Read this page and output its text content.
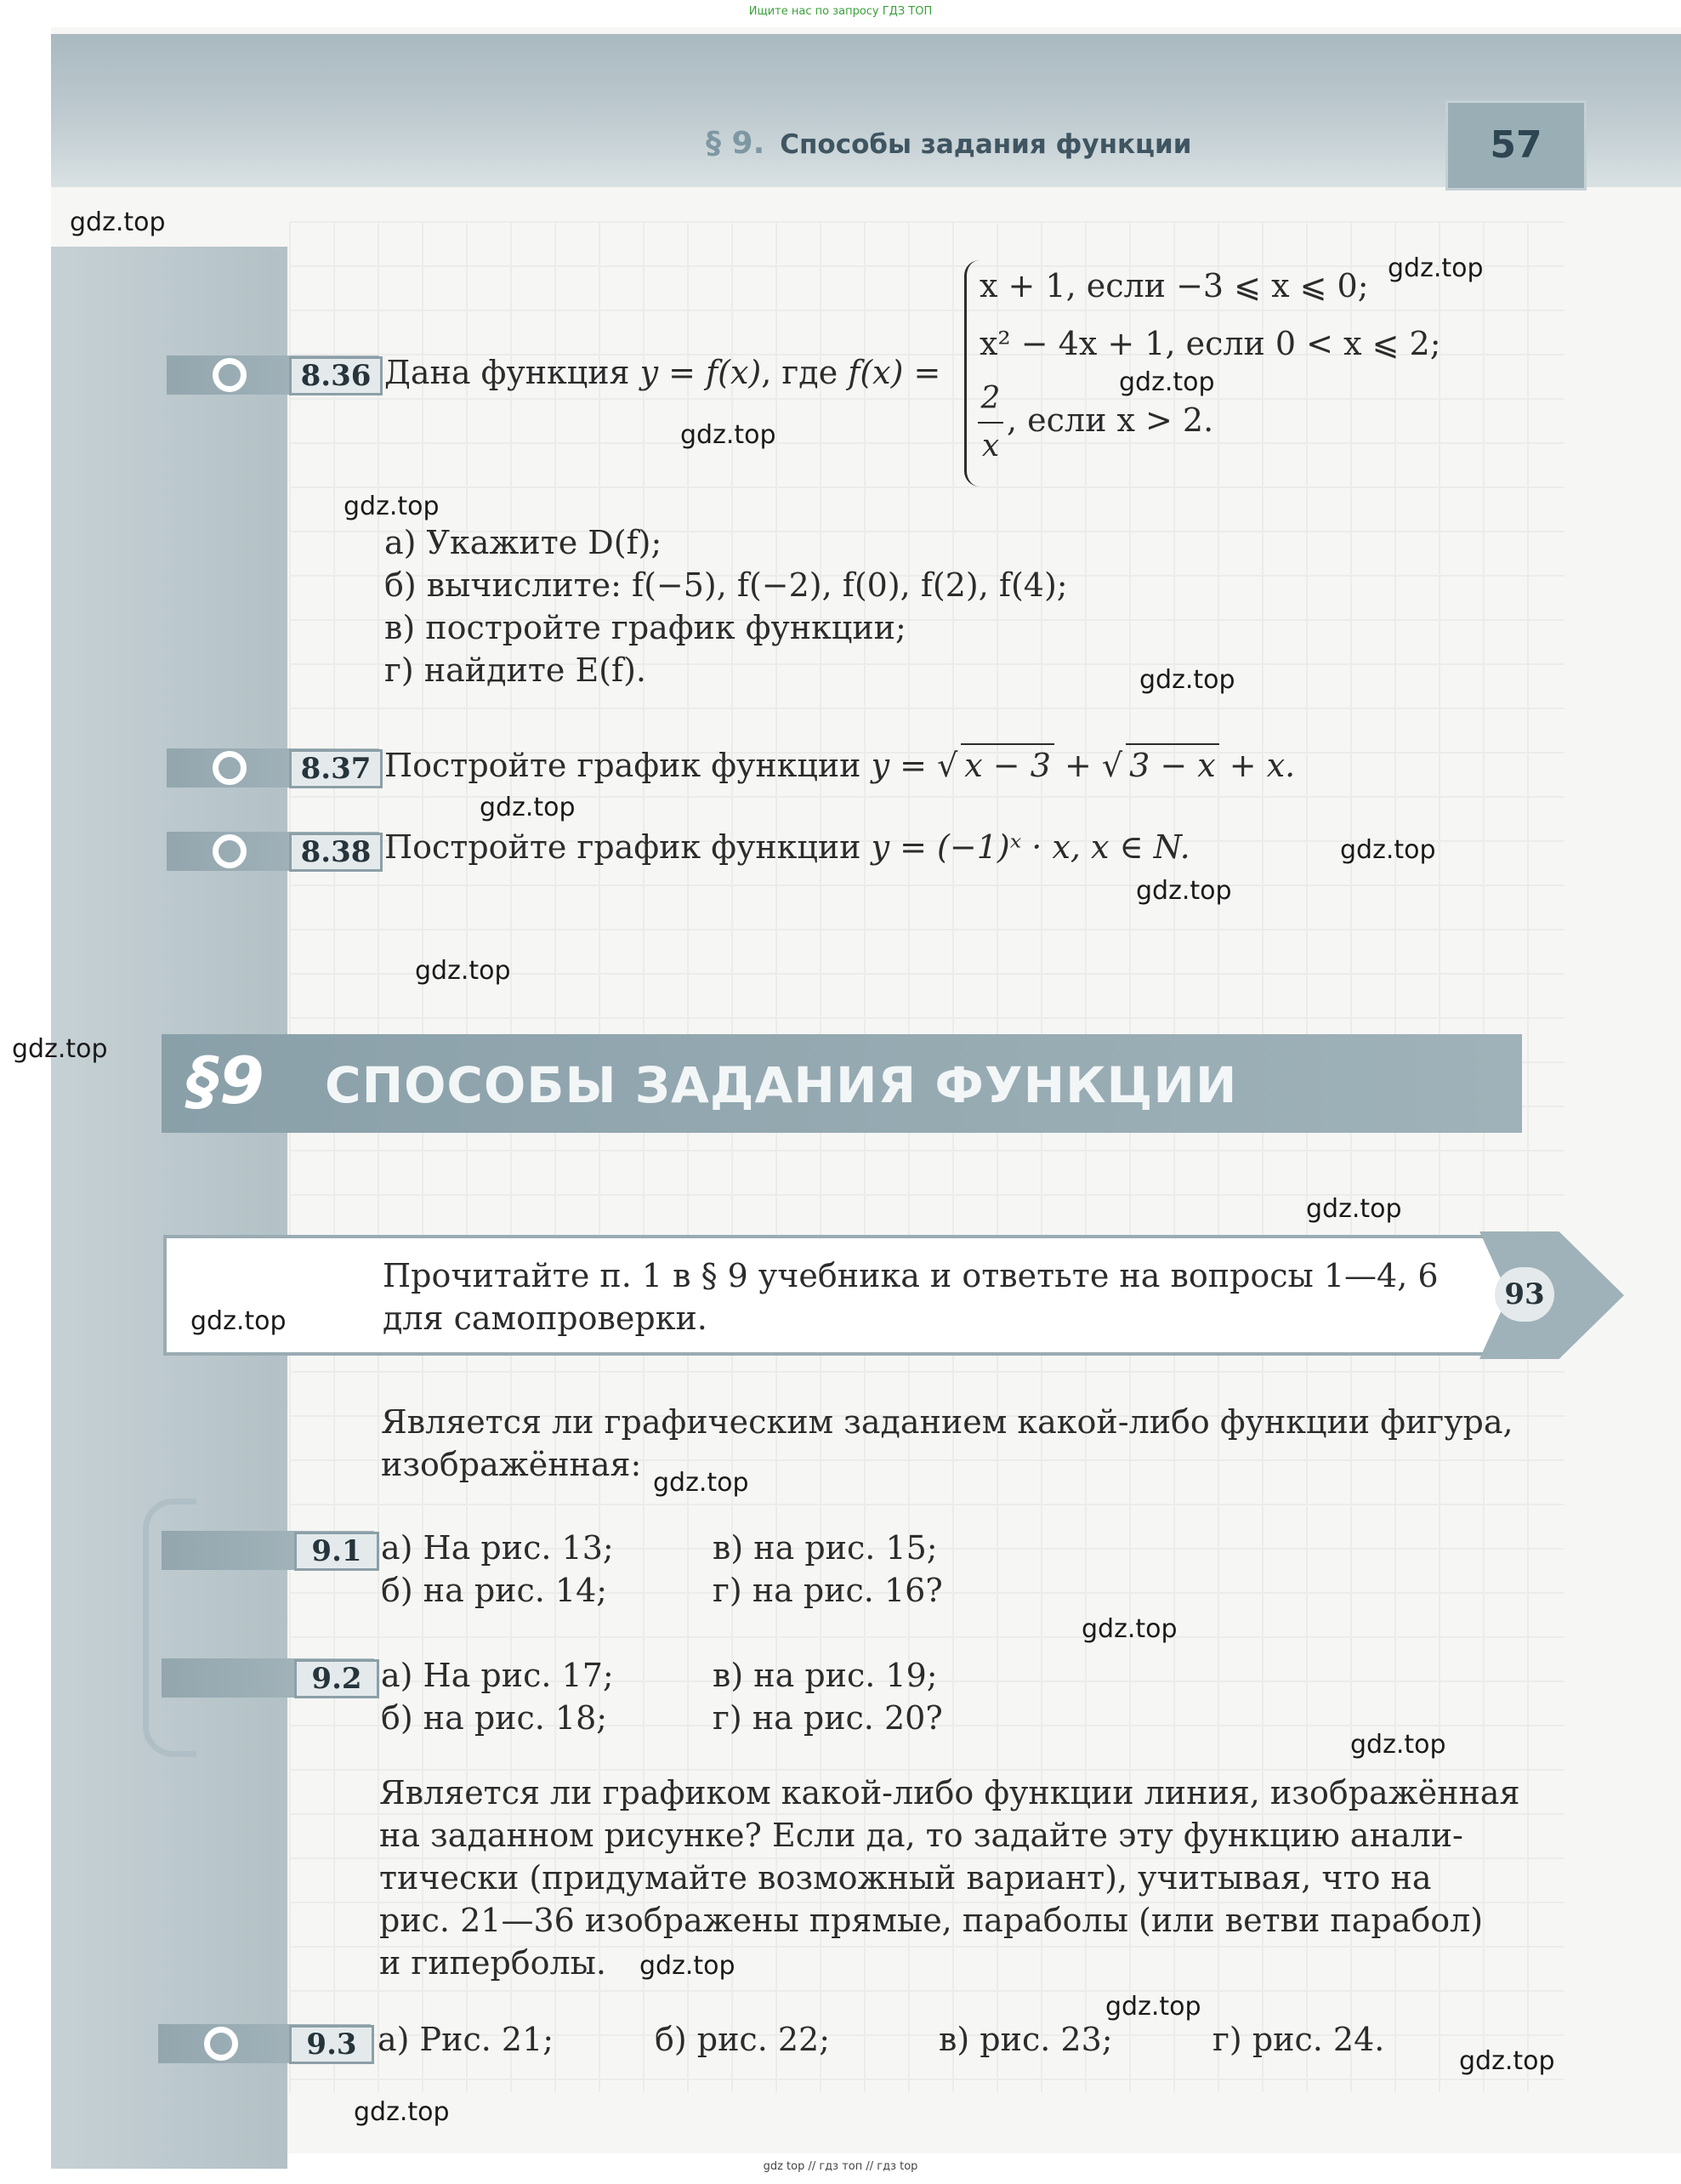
Ищите нас по запросу ГДЗ ТОП
§ 9. Способы задания функции	57
8.36 Дана функция y = f(x), где f(x) =
x + 1, если −3 ⩽ x ⩽ 0;
x² − 4x + 1, если 0 < x ⩽ 2;
$\frac{2}{x}$ , если x > 2.
а) Укажите D(f);
б) вычислите: f(−5), f(−2), f(0), f(2), f(4);
в) постройте график функции;
г) найдите E(f).
8.37 Постройте график функции y = √ x − 3 + √ 3 − x + x.
8.38 Постройте график функции y = (−1)ˣ · x, x ∈ N.
§9 СПОСОБЫ ЗАДАНИЯ ФУНКЦИИ
Прочитайте п. 1 в § 9 учебника и ответьте на вопросы 1—4, 6
для самопроверки.
93
Является ли графическим заданием какой-либо функции фигура,
изображённая:
9.1 а) На рис. 13;	в) на рис. 15;
б) на рис. 14;	г) на рис. 16?
9.2 а) На рис. 17;	в) на рис. 19;
б) на рис. 18;	г) на рис. 20?
Является ли графиком какой-либо функции линия, изображённая
на заданном рисунке? Если да, то задайте эту функцию анали-
тически (придумайте возможный вариант), учитывая, что на
рис. 21—36 изображены прямые, параболы (или ветви парабол)
и гиперболы.
9.3 а) Рис. 21;	б) рис. 22;	в) рис. 23;	г) рис. 24.
gdz.top
gdz.top
gdz.top
gdz.top
gdz.top
gdz.top
gdz.top
gdz.top
gdz.top
gdz.top
gdz.top
gdz.top
gdz.top
gdz.top
gdz.top
gdz.top
gdz.top
gdz.top
gdz.top
gdz.top
gdz top // гдз топ // гдз top
